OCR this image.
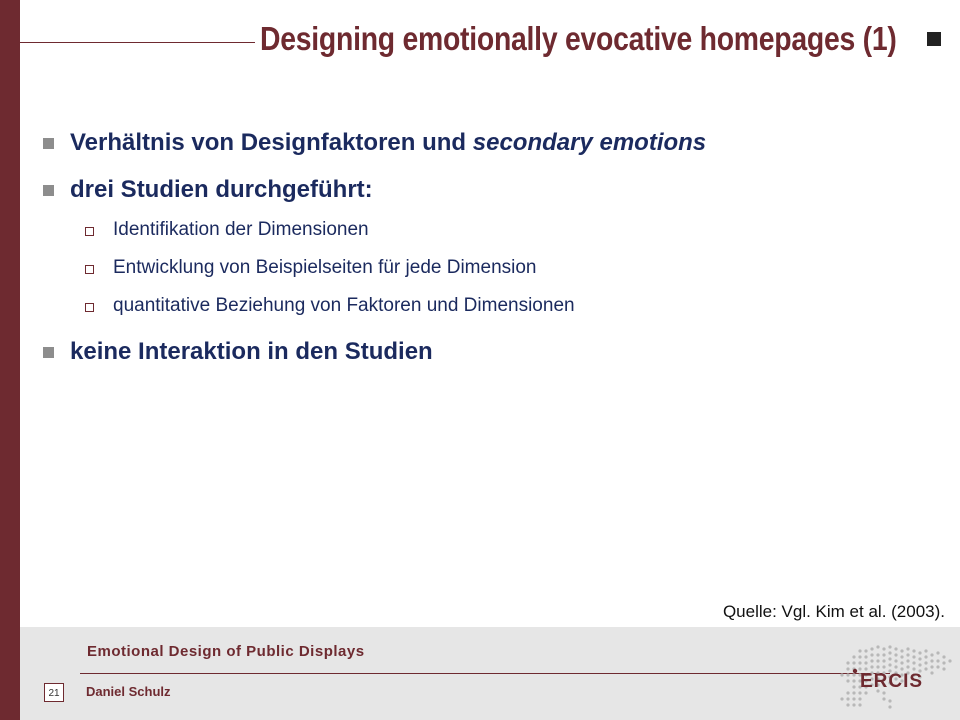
Designing emotionally evocative homepages (1)
Verhältnis von Designfaktoren und secondary emotions
drei Studien durchgeführt:
Identifikation der Dimensionen
Entwicklung von Beispielseiten für jede Dimension
quantitative Beziehung von Faktoren und Dimensionen
keine Interaktion in den Studien
Quelle: Vgl. Kim et al. (2003).
Emotional Design of Public Displays
21	Daniel Schulz	ERCIS
